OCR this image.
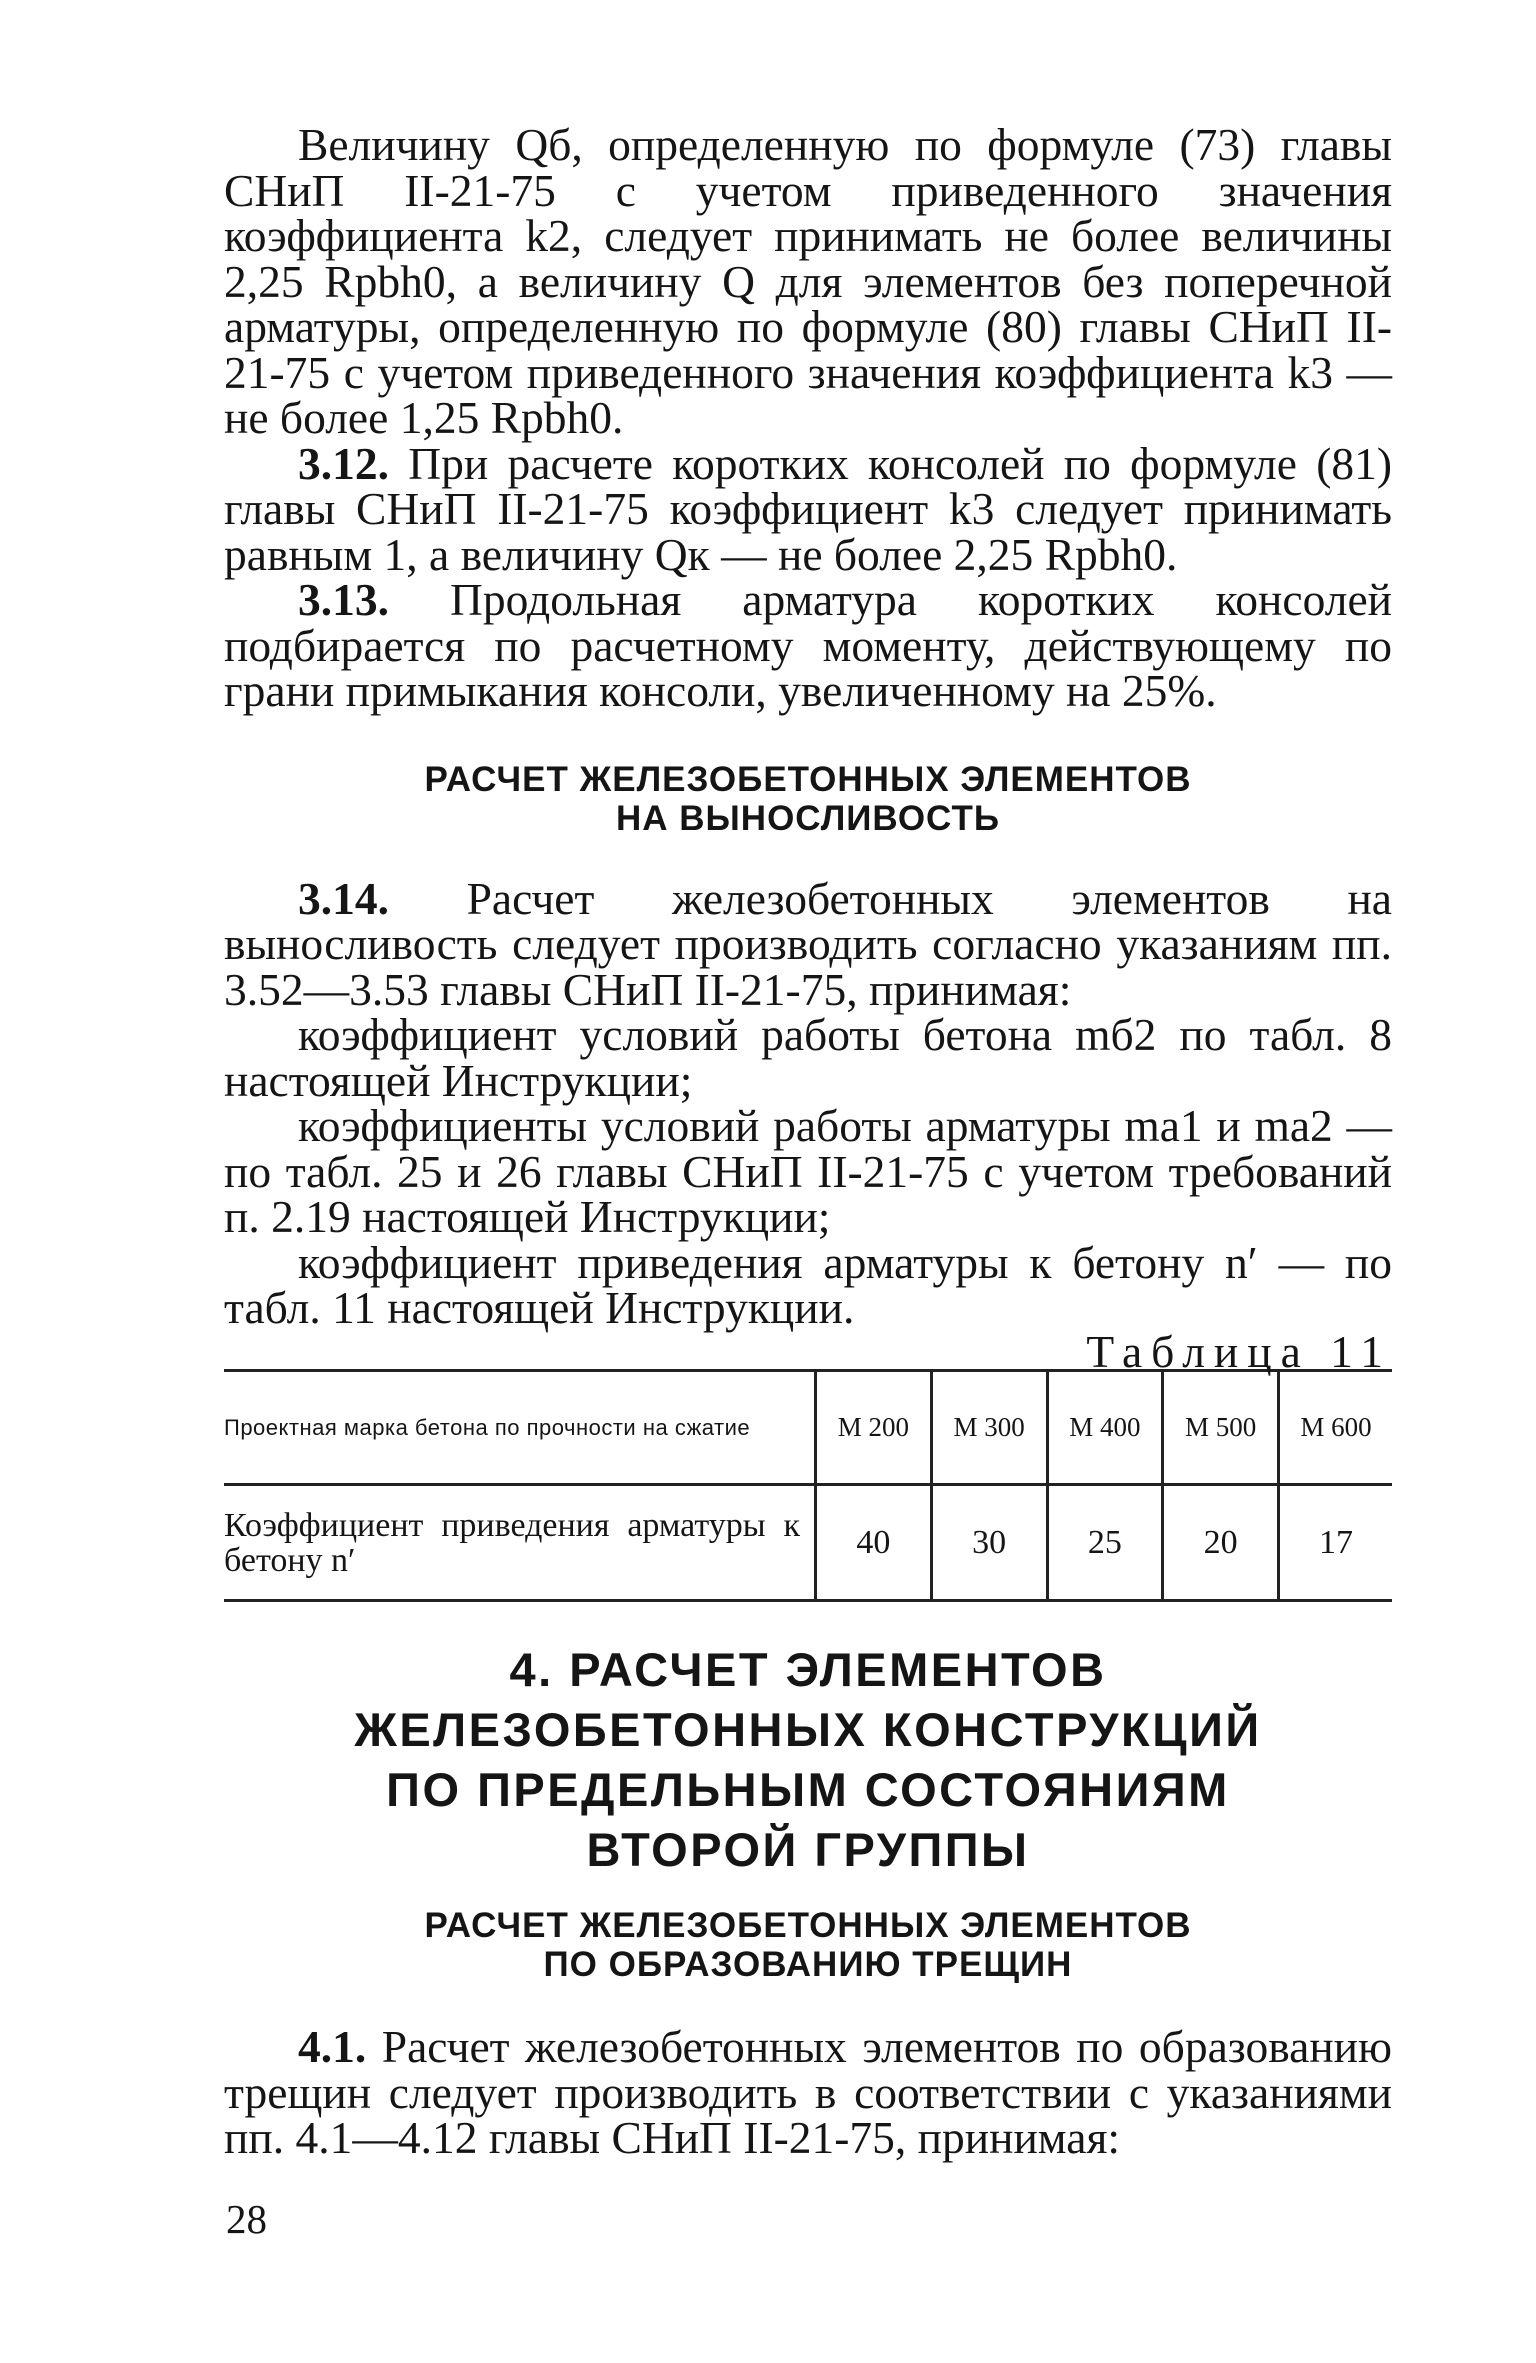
Величину Qб, определенную по формуле (73) главы СНиП II-21-75 с учетом приведенного значения коэффициента k2, следует принимать не более величины 2,25 Rрbh0, а величину Q для элементов без поперечной арматуры, определенную по формуле (80) главы СНиП II-21-75 с учетом приведенного значения коэффициента k3 — не более 1,25 Rрbh0.

3.12. При расчете коротких консолей по формуле (81) главы СНиП II-21-75 коэффициент k3 следует принимать равным 1, а величину Qк — не более 2,25 Rрbh0.

3.13. Продольная арматура коротких консолей подбирается по расчетному моменту, действующему по грани примыкания консоли, увеличенному на 25%.

РАСЧЕТ ЖЕЛЕЗОБЕТОННЫХ ЭЛЕМЕНТОВ
НА ВЫНОСЛИВОСТЬ

3.14. Расчет железобетонных элементов на выносливость следует производить согласно указаниям пп. 3.52—3.53 главы СНиП II-21-75, принимая:

коэффициент условий работы бетона mб2 по табл. 8 настоящей Инструкции;

коэффициенты условий работы арматуры ma1 и ma2 — по табл. 25 и 26 главы СНиП II-21-75 с учетом требований п. 2.19 настоящей Инструкции;

коэффициент приведения арматуры к бетону n′ — по табл. 11 настоящей Инструкции.

Таблица 11
Проектная марка бетона по прочности на сжатие	М 200	М 300	М 400	М 500	М 600
Коэффициент приведения арматуры к бетону n′	40	30	25	20	17
4. РАСЧЕТ ЭЛЕМЕНТОВ
ЖЕЛЕЗОБЕТОННЫХ КОНСТРУКЦИЙ
ПО ПРЕДЕЛЬНЫМ СОСТОЯНИЯМ
ВТОРОЙ ГРУППЫ
РАСЧЕТ ЖЕЛЕЗОБЕТОННЫХ ЭЛЕМЕНТОВ
ПО ОБРАЗОВАНИЮ ТРЕЩИН

4.1. Расчет железобетонных элементов по образованию трещин следует производить в соответствии с указаниями пп. 4.1—4.12 главы СНиП II-21-75, принимая:

28
